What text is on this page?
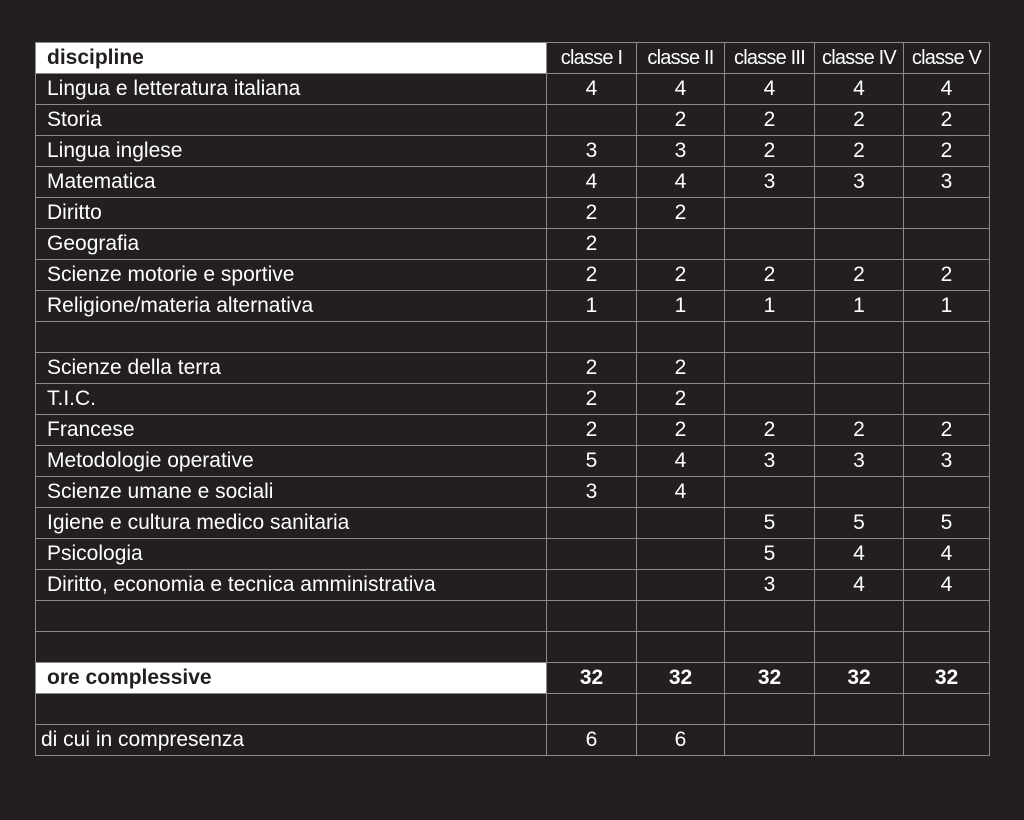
discipline	classe I	classe II	classe III	classe IV	classe V
Lingua e letteratura italiana	4	4	4	4	4
Storia		2	2	2	2
Lingua inglese	3	3	2	2	2
Matematica	4	4	3	3	3
Diritto	2	2			
Geografia	2				
Scienze motorie e sportive	2	2	2	2	2
Religione/materia alternativa	1	1	1	1	1

Scienze della terra	2	2			
T.I.C.	2	2			
Francese	2	2	2	2	2
Metodologie operative	5	4	3	3	3
Scienze umane e sociali	3	4			
Igiene e cultura medico sanitaria			5	5	5
Psicologia			5	4	4
Diritto, economia e tecnica amministrativa			3	4	4

ore complessive	32	32	32	32	32

di cui in compresenza	6	6			
